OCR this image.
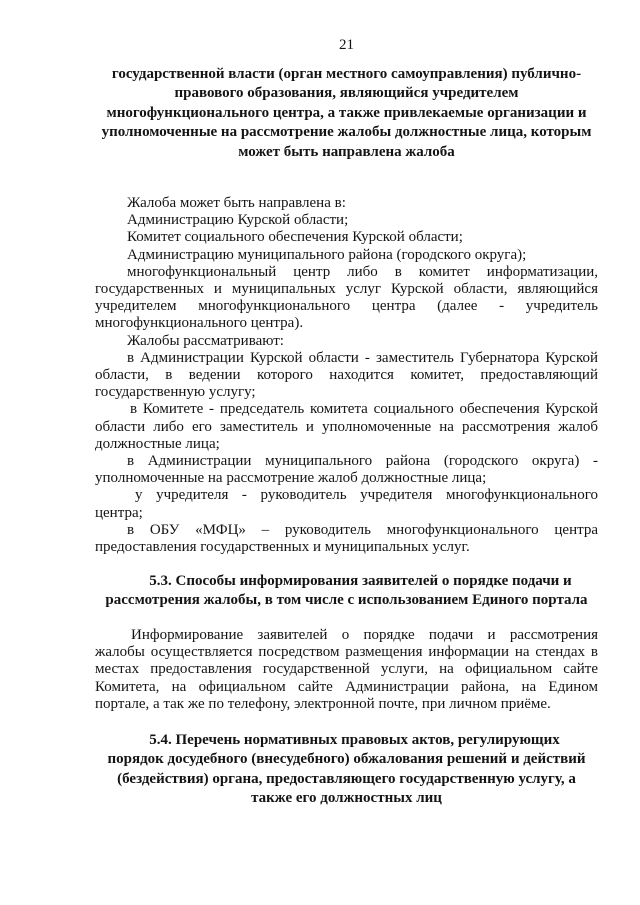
21
государственной власти (орган местного самоуправления) публично-
правового образования, являющийся учредителем
многофункционального центра, а также привлекаемые организации и
уполномоченные на рассмотрение жалобы должностные лица, которым
может быть направлена жалоба
Жалоба может быть направлена в:
Администрацию Курской области;
Комитет социального обеспечения Курской области;
Администрацию муниципального района (городского округа);
многофункциональный центр либо в комитет информатизации,
государственных и муниципальных услуг Курской области, являющийся
учредителем многофункционального центра (далее - учредитель
многофункционального центра).
Жалобы рассматривают:
в Администрации Курской области - заместитель Губернатора Курской
области, в ведении которого находится комитет, предоставляющий
государственную услугу;
в Комитете - председатель комитета социального обеспечения Курской
области либо его заместитель и уполномоченные на рассмотрения жалоб
должностные лица;
в Администрации муниципального района (городского округа) -
уполномоченные на рассмотрение жалоб должностные лица;
у учредителя - руководитель учредителя многофункционального
центра;
в ОБУ «МФЦ» – руководитель многофункционального центра
предоставления государственных и муниципальных услуг.
5.3. Способы информирования заявителей о порядке подачи и
рассмотрения жалобы, в том числе с использованием Единого портала
Информирование заявителей о порядке подачи и рассмотрения
жалобы осуществляется посредством размещения информации на стендах в
местах предоставления государственной услуги, на официальном сайте
Комитета, на официальном сайте Администрации района, на Едином
портале, а так же по телефону, электронной почте, при личном приёме.
5.4. Перечень нормативных правовых актов, регулирующих
порядок досудебного (внесудебного) обжалования решений и действий
(бездействия) органа, предоставляющего государственную услугу, а
также его должностных лиц
